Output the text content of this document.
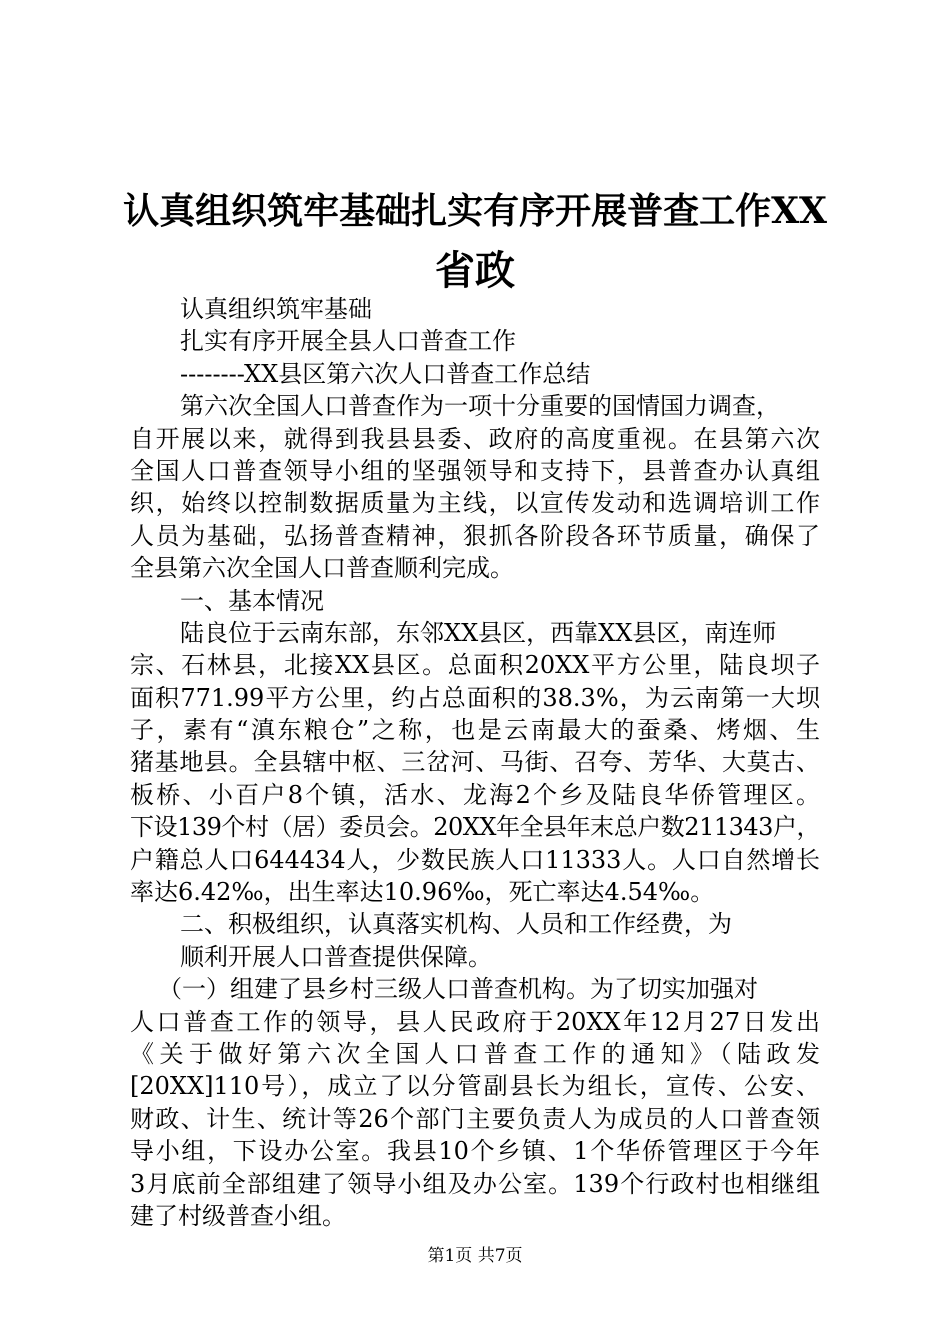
认真组织筑牢基础扎实有序开展普查工作XX
省政
认真组织筑牢基础
扎实有序开展全县人口普查工作
--------XX县区第六次人口普查工作总结
第六次全国人口普查作为一项十分重要的国情国力调查，
自开展以来，就得到我县县委、政府的高度重视。在县第六次
全国人口普查领导小组的坚强领导和支持下，县普查办认真组
织，始终以控制数据质量为主线，以宣传发动和选调培训工作
人员为基础，弘扬普查精神，狠抓各阶段各环节质量，确保了
全县第六次全国人口普查顺利完成。
一、基本情况
陆良位于云南东部，东邻XX县区，西靠XX县区，南连师
宗、石林县，北接XX县区。总面积20XX平方公里，陆良坝子
面积771.99平方公里，约占总面积的38.3%，为云南第一大坝
子，素有“滇东粮仓”之称，也是云南最大的蚕桑、烤烟、生
猪基地县。全县辖中枢、三岔河、马街、召夸、芳华、大莫古、
板桥、小百户8个镇，活水、龙海2个乡及陆良华侨管理区。
下设139个村（居）委员会。20XX年全县年末总户数211343户，
户籍总人口644434人，少数民族人口11333人。人口自然增长
率达6.42‰，出生率达10.96‰，死亡率达4.54‰。
二、积极组织，认真落实机构、人员和工作经费，为
顺利开展人口普查提供保障。
（一）组建了县乡村三级人口普查机构。为了切实加强对
人口普查工作的领导，县人民政府于20XX年12月27日发出
《关于做好第六次全国人口普查工作的通知》（陆政发
[20XX]110号），成立了以分管副县长为组长，宣传、公安、
财政、计生、统计等26个部门主要负责人为成员的人口普查领
导小组，下设办公室。我县10个乡镇、1个华侨管理区于今年
3月底前全部组建了领导小组及办公室。139个行政村也相继组
建了村级普查小组。
第1页 共7页
